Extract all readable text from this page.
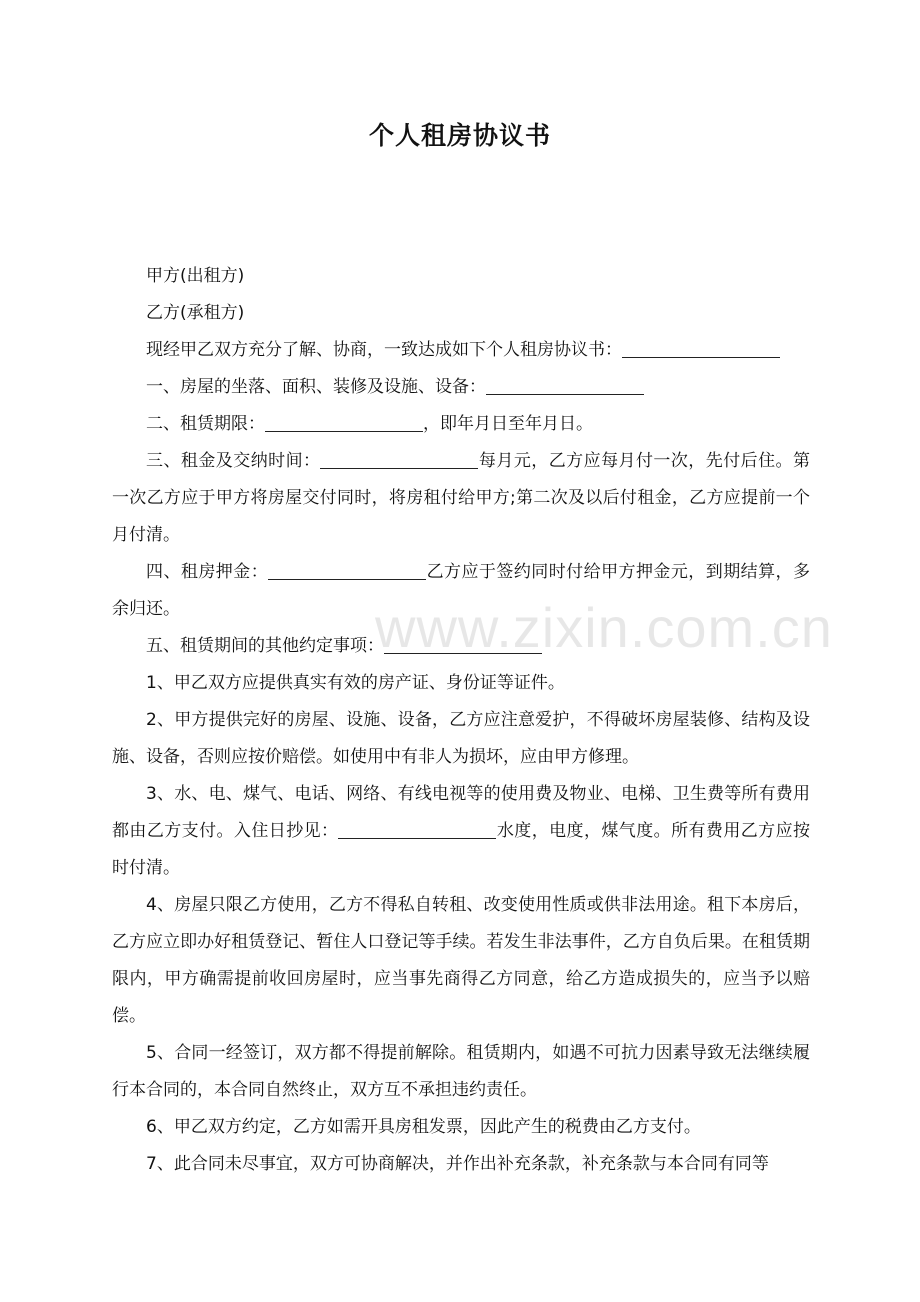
个人租房协议书
www.zixin.com.cn

甲方(出租方)

乙方(承租方)

现经甲乙双方充分了解、协商，一致达成如下个人租房协议书：

一、房屋的坐落、面积、装修及设施、设备：

二、租赁期限：	，即年月日至年月日。

三、租金及交纳时间：	每月元，乙方应每月付一次，先付后住。第一次乙方应于甲方将房屋交付同时，将房租付给甲方;第二次及以后付租金，乙方应提前一个月付清。

四、租房押金：	乙方应于签约同时付给甲方押金元，到期结算，多余归还。

五、租赁期间的其他约定事项：

1、甲乙双方应提供真实有效的房产证、身份证等证件。

2、甲方提供完好的房屋、设施、设备，乙方应注意爱护，不得破坏房屋装修、结构及设施、设备，否则应按价赔偿。如使用中有非人为损坏，应由甲方修理。

3、水、电、煤气、电话、网络、有线电视等的使用费及物业、电梯、卫生费等所有费用都由乙方支付。入住日抄见：	水度，电度，煤气度。所有费用乙方应按时付清。

4、房屋只限乙方使用，乙方不得私自转租、改变使用性质或供非法用途。租下本房后，乙方应立即办好租赁登记、暂住人口登记等手续。若发生非法事件，乙方自负后果。在租赁期限内，甲方确需提前收回房屋时，应当事先商得乙方同意，给乙方造成损失的，应当予以赔偿。

5、合同一经签订，双方都不得提前解除。租赁期内，如遇不可抗力因素导致无法继续履行本合同的，本合同自然终止，双方互不承担违约责任。

6、甲乙双方约定，乙方如需开具房租发票，因此产生的税费由乙方支付。

7、此合同未尽事宜，双方可协商解决，并作出补充条款，补充条款与本合同有同等
